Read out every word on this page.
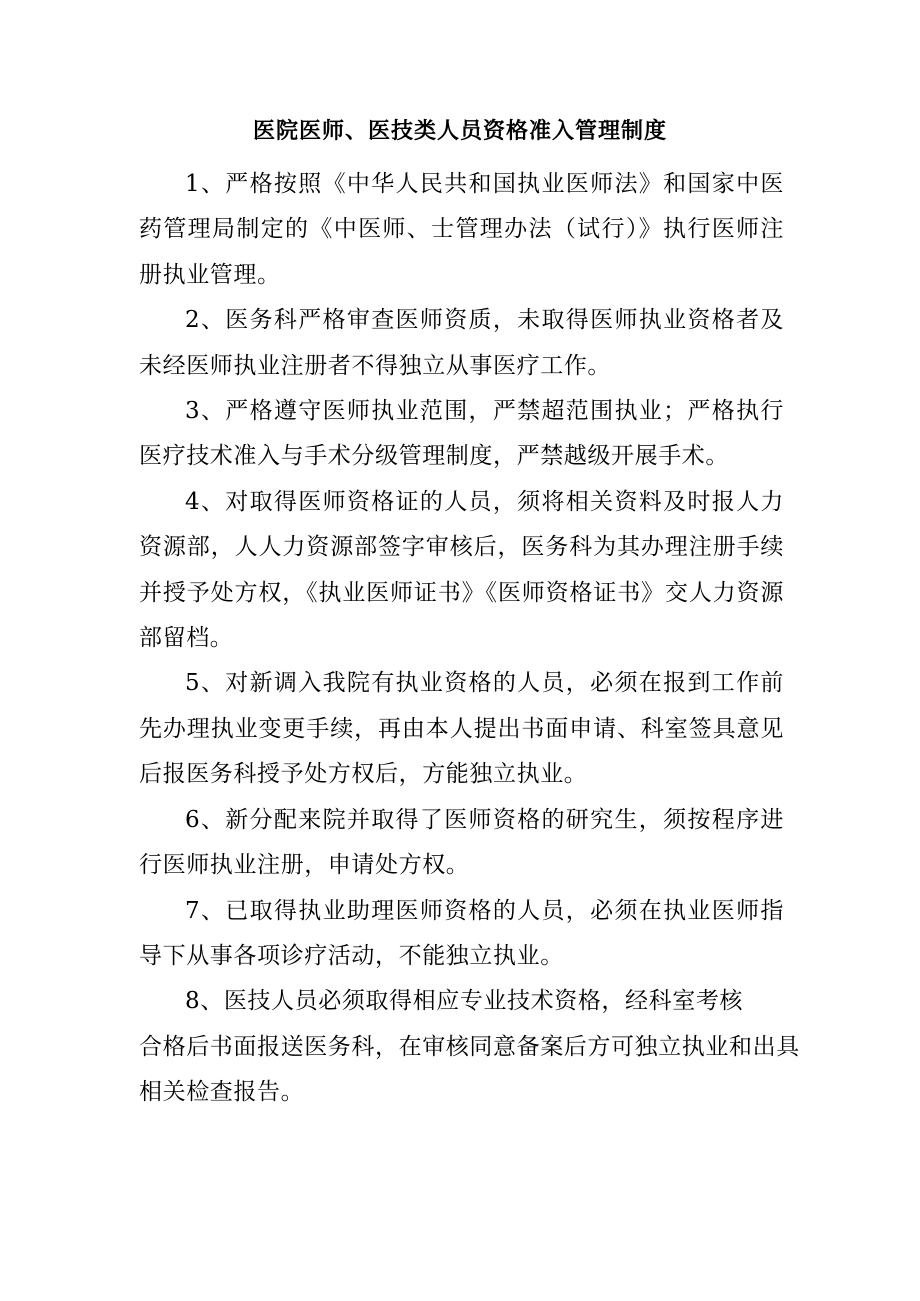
医院医师、医技类人员资格准入管理制度

1、严格按照《中华人民共和国执业医师法》和国家中医药管理局制定的《中医师、士管理办法（试行）》执行医师注册执业管理。

2、医务科严格审查医师资质，未取得医师执业资格者及未经医师执业注册者不得独立从事医疗工作。

3、严格遵守医师执业范围，严禁超范围执业；严格执行医疗技术准入与手术分级管理制度，严禁越级开展手术。

4、对取得医师资格证的人员，须将相关资料及时报人力资源部，人人力资源部签字审核后，医务科为其办理注册手续并授予处方权，《执业医师证书》《医师资格证书》交人力资源部留档。

5、对新调入我院有执业资格的人员，必须在报到工作前先办理执业变更手续，再由本人提出书面申请、科室签具意见后报医务科授予处方权后，方能独立执业。

6、新分配来院并取得了医师资格的研究生，须按程序进行医师执业注册，申请处方权。

7、已取得执业助理医师资格的人员，必须在执业医师指导下从事各项诊疗活动，不能独立执业。

8、医技人员必须取得相应专业技术资格，经科室考核
合格后书面报送医务科，在审核同意备案后方可独立执业和出具
相关检查报告。
